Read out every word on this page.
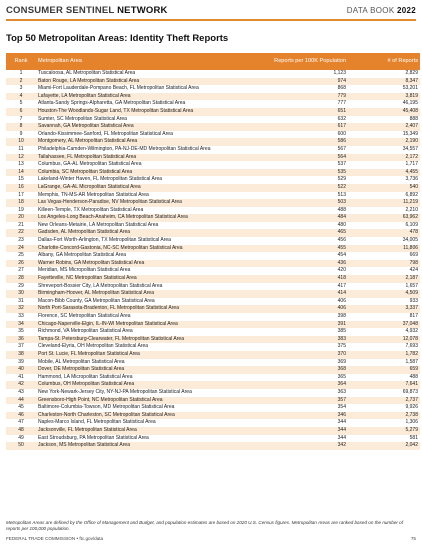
CONSUMER SENTINEL NETWORK	DATA BOOK 2022
Top 50 Metropolitan Areas: Identity Theft Reports
Rank	Metropolitan Area	Reports per 100K Population	# of Reports
1	Tuscaloosa, AL Metropolitan Statistical Area	1,123	2,829
2	Baton Rouge, LA Metropolitan Statistical Area	974	8,347
3	Miami-Fort Lauderdale-Pompano Beach, FL Metropolitan Statistical Area	868	53,201
4	Lafayette, LA Metropolitan Statistical Area	779	3,819
5	Atlanta-Sandy Springs-Alpharetta, GA Metropolitan Statistical Area	777	46,195
6	Houston-The Woodlands-Sugar Land, TX Metropolitan Statistical Area	651	45,408
7	Sumter, SC Metropolitan Statistical Area	632	888
8	Savannah, GA Metropolitan Statistical Area	617	2,407
9	Orlando-Kissimmee-Sanford, FL Metropolitan Statistical Area	600	15,349
10	Montgomery, AL Metropolitan Statistical Area	586	2,190
11	Philadelphia-Camden-Wilmington, PA-NJ-DE-MD Metropolitan Statistical Area	567	34,557
12	Tallahassee, FL Metropolitan Statistical Area	564	2,172
13	Columbus, GA-AL Metropolitan Statistical Area	537	1,717
14	Columbia, SC Metropolitan Statistical Area	535	4,455
15	Lakeland-Winter Haven, FL Metropolitan Statistical Area	529	3,736
16	LaGrange, GA-AL Micropolitan Statistical Area	522	540
17	Memphis, TN-MS-AR Metropolitan Statistical Area	513	6,892
18	Las Vegas-Henderson-Paradise, NV Metropolitan Statistical Area	503	11,219
19	Killeen-Temple, TX Metropolitan Statistical Area	488	2,210
20	Los Angeles-Long Beach-Anaheim, CA Metropolitan Statistical Area	484	63,962
21	New Orleans-Metairie, LA Metropolitan Statistical Area	480	6,109
22	Gadsden, AL Metropolitan Statistical Area	465	478
23	Dallas-Fort Worth-Arlington, TX Metropolitan Statistical Area	456	34,005
24	Charlotte-Concord-Gastonia, NC-SC Metropolitan Statistical Area	455	11,806
25	Albany, GA Metropolitan Statistical Area	454	669
26	Warner Robins, GA Metropolitan Statistical Area	436	798
27	Meridian, MS Micropolitan Statistical Area	420	424
28	Fayetteville, NC Metropolitan Statistical Area	418	2,187
29	Shreveport-Bossier City, LA Metropolitan Statistical Area	417	1,657
30	Birmingham-Hoover, AL Metropolitan Statistical Area	414	4,509
31	Macon-Bibb County, GA Metropolitan Statistical Area	406	933
32	North Port-Sarasota-Bradenton, FL Metropolitan Statistical Area	406	3,337
33	Florence, SC Metropolitan Statistical Area	398	817
34	Chicago-Naperville-Elgin, IL-IN-WI Metropolitan Statistical Area	391	37,048
35	Richmond, VA Metropolitan Statistical Area	385	4,932
36	Tampa-St. Petersburg-Clearwater, FL Metropolitan Statistical Area	383	12,078
37	Cleveland-Elyria, OH Metropolitan Statistical Area	375	7,693
38	Port St. Lucie, FL Metropolitan Statistical Area	370	1,782
39	Mobile, AL Metropolitan Statistical Area	369	1,587
40	Dover, DE Metropolitan Statistical Area	368	659
41	Hammond, LA Micropolitan Statistical Area	365	488
42	Columbus, OH Metropolitan Statistical Area	364	7,641
43	New York-Newark-Jersey City, NY-NJ-PA Metropolitan Statistical Area	363	69,873
44	Greensboro-High Point, NC Metropolitan Statistical Area	357	2,737
45	Baltimore-Columbia-Towson, MD Metropolitan Statistical Area	354	9,926
46	Charleston-North Charleston, SC Metropolitan Statistical Area	346	2,738
47	Naples-Marco Island, FL Metropolitan Statistical Area	344	1,306
48	Jacksonville, FL Metropolitan Statistical Area	344	5,279
49	East Stroudsburg, PA Metropolitan Statistical Area	344	581
50	Jackson, MS Metropolitan Statistical Area	342	2,042
Metropolitan Areas are defined by the Office of Management and Budget, and population estimates are based on 2020 U.S. Census figures. Metropolitan Areas are ranked based on the number of reports per 100,000 population.
FEDERAL TRADE COMMISSION • ftc.gov/data	75
